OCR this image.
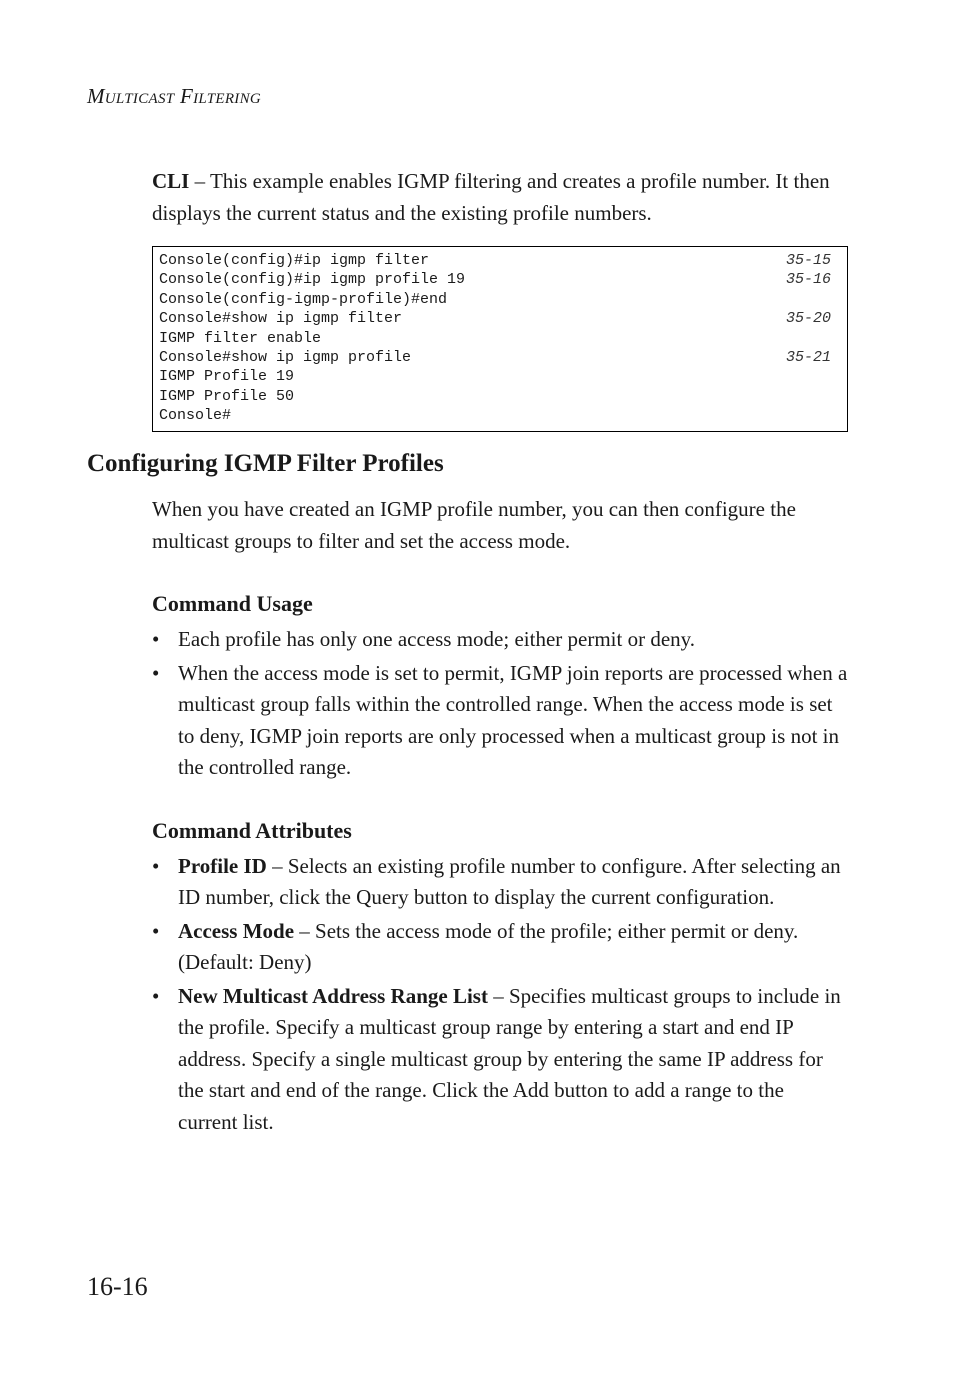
Multicast Filtering

CLI – This example enables IGMP filtering and creates a profile number. It then displays the current status and the existing profile numbers.

Console(config)#ip igmp filter	35-15
Console(config)#ip igmp profile 19	35-16
Console(config-igmp-profile)#end
Console#show ip igmp filter	35-20
IGMP filter enable
Console#show ip igmp profile	35-21
IGMP Profile 19
IGMP Profile 50
Console#
Configuring IGMP Filter Profiles

When you have created an IGMP profile number, you can then configure the multicast groups to filter and set the access mode.

Command Usage
• Each profile has only one access mode; either permit or deny.
• When the access mode is set to permit, IGMP join reports are processed when a multicast group falls within the controlled range. When the access mode is set to deny, IGMP join reports are only processed when a multicast group is not in the controlled range.
Command Attributes
• Profile ID – Selects an existing profile number to configure. After selecting an ID number, click the Query button to display the current configuration.
• Access Mode – Sets the access mode of the profile; either permit or deny. (Default: Deny)
• New Multicast Address Range List – Specifies multicast groups to include in the profile. Specify a multicast group range by entering a start and end IP address. Specify a single multicast group by entering the same IP address for the start and end of the range. Click the Add button to add a range to the current list.
16-16
